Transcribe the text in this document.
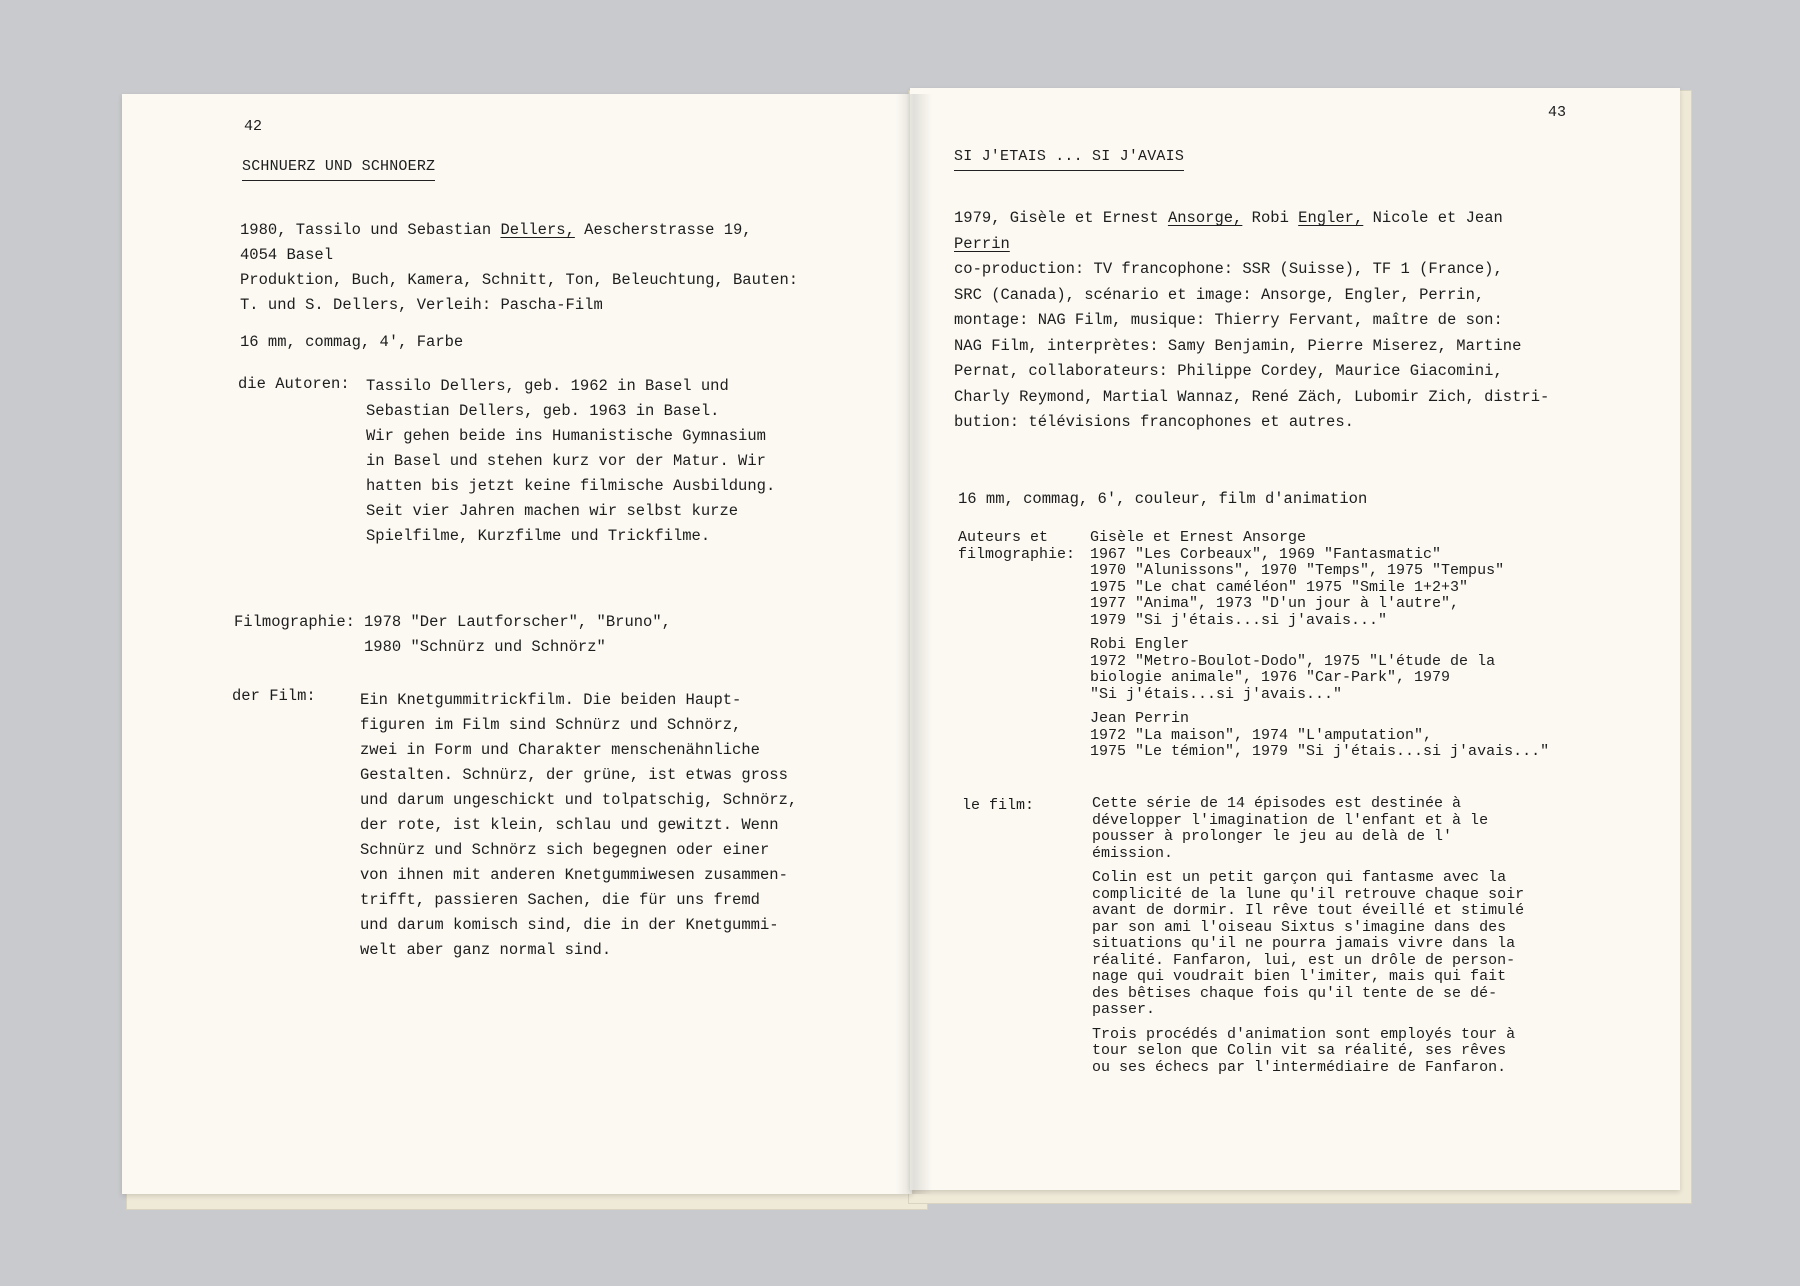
42
SCHNUERZ UND SCHNOERZ
1980, Tassilo und Sebastian Dellers, Aescherstrasse 19,
4054 Basel
Produktion, Buch, Kamera, Schnitt, Ton, Beleuchtung, Bauten:
T. und S. Dellers, Verleih: Pascha-Film
16 mm, commag, 4', Farbe
die Autoren: Tassilo Dellers, geb. 1962 in Basel und
Sebastian Dellers, geb. 1963 in Basel.
Wir gehen beide ins Humanistische Gymnasium
in Basel und stehen kurz vor der Matur. Wir
hatten bis jetzt keine filmische Ausbildung.
Seit vier Jahren machen wir selbst kurze
Spielfilme, Kurzfilme und Trickfilme.
Filmographie: 1978 "Der Lautforscher", "Bruno",
1980 "Schnürz und Schnörz"
der Film:	Ein Knetgummitrickfilm. Die beiden Haupt-
figuren im Film sind Schnürz und Schnörz,
zwei in Form und Charakter menschenähnliche
Gestalten. Schnürz, der grüne, ist etwas gross
und darum ungeschickt und tolpatschig, Schnörz,
der rote, ist klein, schlau und gewitzt. Wenn
Schnürz und Schnörz sich begegnen oder einer
von ihnen mit anderen Knetgummiwesen zusammen-
trifft, passieren Sachen, die für uns fremd
und darum komisch sind, die in der Knetgummi-
welt aber ganz normal sind.
43
SI J'ETAIS ... SI J'AVAIS
1979, Gisèle et Ernest Ansorge, Robi Engler, Nicole et Jean
Perrin
co-production: TV francophone: SSR (Suisse), TF 1 (France),
SRC (Canada), scénario et image: Ansorge, Engler, Perrin,
montage: NAG Film, musique: Thierry Fervant, maître de son:
NAG Film, interprètes: Samy Benjamin, Pierre Miserez, Martine
Pernat, collaborateurs: Philippe Cordey, Maurice Giacomini,
Charly Reymond, Martial Wannaz, René Zäch, Lubomir Zich, distri-
bution: télévisions francophones et autres.
16 mm, commag, 6', couleur, film d'animation
Auteurs et
filmographie:
Gisèle et Ernest Ansorge
1967 "Les Corbeaux", 1969 "Fantasmatic"
1970 "Alunissons", 1970 "Temps", 1975 "Tempus"
1975 "Le chat caméléon" 1975 "Smile 1+2+3"
1977 "Anima", 1973 "D'un jour à l'autre",
1979 "Si j'étais...si j'avais..."
Robi Engler
1972 "Metro-Boulot-Dodo", 1975 "L'étude de la
biologie animale", 1976 "Car-Park", 1979
"Si j'étais...si j'avais..."
Jean Perrin
1972 "La maison", 1974 "L'amputation",
1975 "Le témion", 1979 "Si j'étais...si j'avais..."
le film:	Cette série de 14 épisodes est destinée à
développer l'imagination de l'enfant et à le
pousser à prolonger le jeu au delà de l'
émission.
Colin est un petit garçon qui fantasme avec la
complicité de la lune qu'il retrouve chaque soir
avant de dormir. Il rêve tout éveillé et stimulé
par son ami l'oiseau Sixtus s'imagine dans des
situations qu'il ne pourra jamais vivre dans la
réalité. Fanfaron, lui, est un drôle de person-
nage qui voudrait bien l'imiter, mais qui fait
des bêtises chaque fois qu'il tente de se dé-
passer.
Trois procédés d'animation sont employés tour à
tour selon que Colin vit sa réalité, ses rêves
ou ses échecs par l'intermédiaire de Fanfaron.
